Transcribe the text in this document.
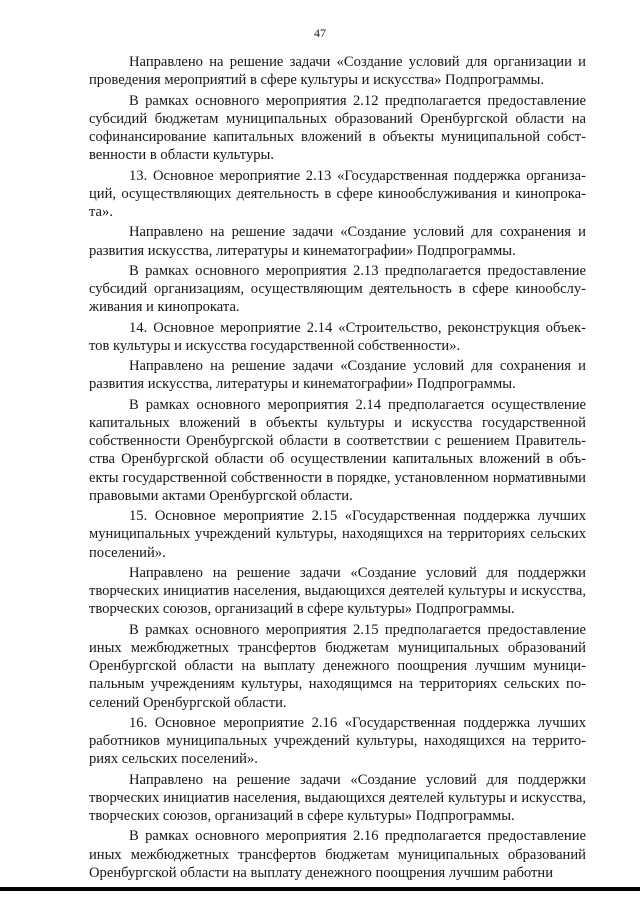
47

Направлено на решение задачи «Создание условий для организации и проведения мероприятий в сфере культуры и искусства» Подпрограммы.

В рамках основного мероприятия 2.12 предполагается предоставление субсидий бюджетам муниципальных образований Оренбургской области на софинансирование капитальных вложений в объекты муниципальной собственности в области культуры.

13. Основное мероприятие 2.13 «Государственная поддержка организаций, осуществляющих деятельность в сфере кинообслуживания и кинопроката».

Направлено на решение задачи «Создание условий для сохранения и развития искусства, литературы и кинематографии» Подпрограммы.

В рамках основного мероприятия 2.13 предполагается предоставление субсидий организациям, осуществляющим деятельность в сфере кинообслуживания и кинопроката.

14. Основное мероприятие 2.14 «Строительство, реконструкция объектов культуры и искусства государственной собственности».

Направлено на решение задачи «Создание условий для сохранения и развития искусства, литературы и кинематографии» Подпрограммы.

В рамках основного мероприятия 2.14 предполагается осуществление капитальных вложений в объекты культуры и искусства государственной собственности Оренбургской области в соответствии с решением Правительства Оренбургской области об осуществлении капитальных вложений в объекты государственной собственности в порядке, установленном нормативными правовыми актами Оренбургской области.

15. Основное мероприятие 2.15 «Государственная поддержка лучших муниципальных учреждений культуры, находящихся на территориях сельских поселений».

Направлено на решение задачи «Создание условий для поддержки творческих инициатив населения, выдающихся деятелей культуры и искусства, творческих союзов, организаций в сфере культуры» Подпрограммы.

В рамках основного мероприятия 2.15 предполагается предоставление иных межбюджетных трансфертов бюджетам муниципальных образований Оренбургской области на выплату денежного поощрения лучшим муниципальным учреждениям культуры, находящимся на территориях сельских поселений Оренбургской области.

16. Основное мероприятие 2.16 «Государственная поддержка лучших работников муниципальных учреждений культуры, находящихся на территориях сельских поселений».

Направлено на решение задачи «Создание условий для поддержки творческих инициатив населения, выдающихся деятелей культуры и искусства, творческих союзов, организаций в сфере культуры» Подпрограммы.

В рамках основного мероприятия 2.16 предполагается предоставление иных межбюджетных трансфертов бюджетам муниципальных образований Оренбургской области на выплату денежного поощрения лучшим работни
